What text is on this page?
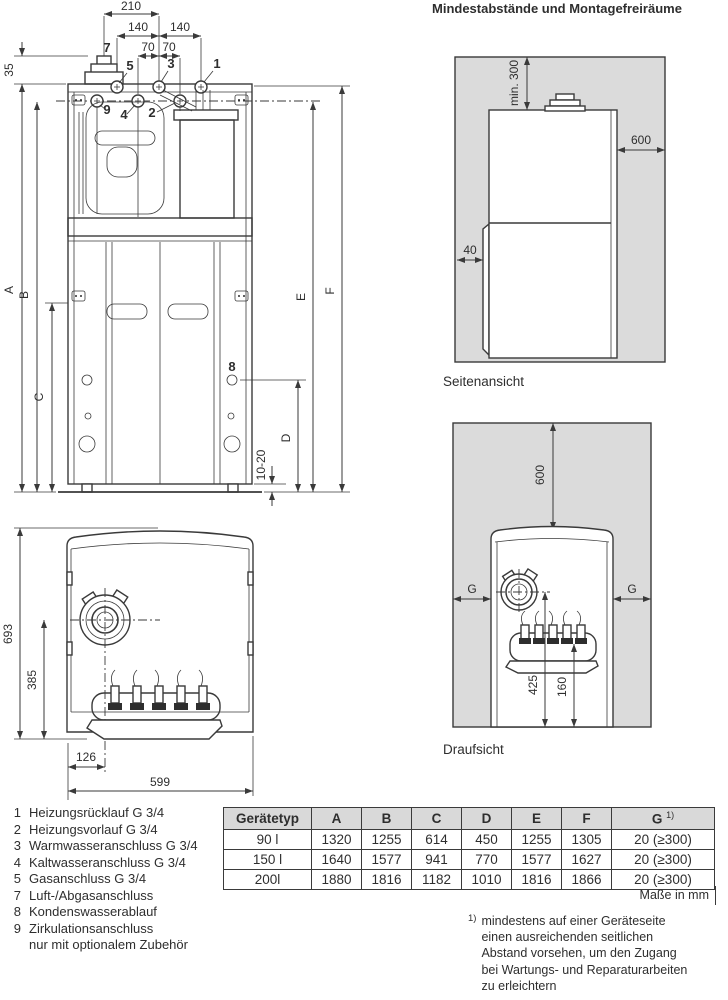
210
140 140
70 70
35
A
B
C
E
F
D
10-20
7
5	3	1
9 4 2
8
693
385
126
599
Mindestabstände und Montagefreiräume
min. 300
600
40
Seitenansicht
600
G	G
425 160
Draufsicht
1 Heizungsrücklauf G 3/4
2 Heizungsvorlauf G 3/4
3 Warmwasseranschluss G 3/4
4 Kaltwasseranschluss G 3/4
5 Gasanschluss G 3/4
7 Luft-/Abgasanschluss
8 Kondenswasserablauf
9 Zirkulationsanschluss
nur mit optionalem Zubehör
Gerätetyp	A	B	C	D	E	F	G $^{1)}$
90 l	1320	1255	614	450	1255	1305	20 (≥300)
150 l	1640	1577	941	770	1577	1627	20 (≥300)
200l	1880	1816	1182	1010	1816	1866	20 (≥300)
Maße in mm
1) mindestens auf einer Geräteseite
einen ausreichenden seitlichen
Abstand vorsehen, um den Zugang
bei Wartungs- und Reparaturarbeiten
zu erleichtern
